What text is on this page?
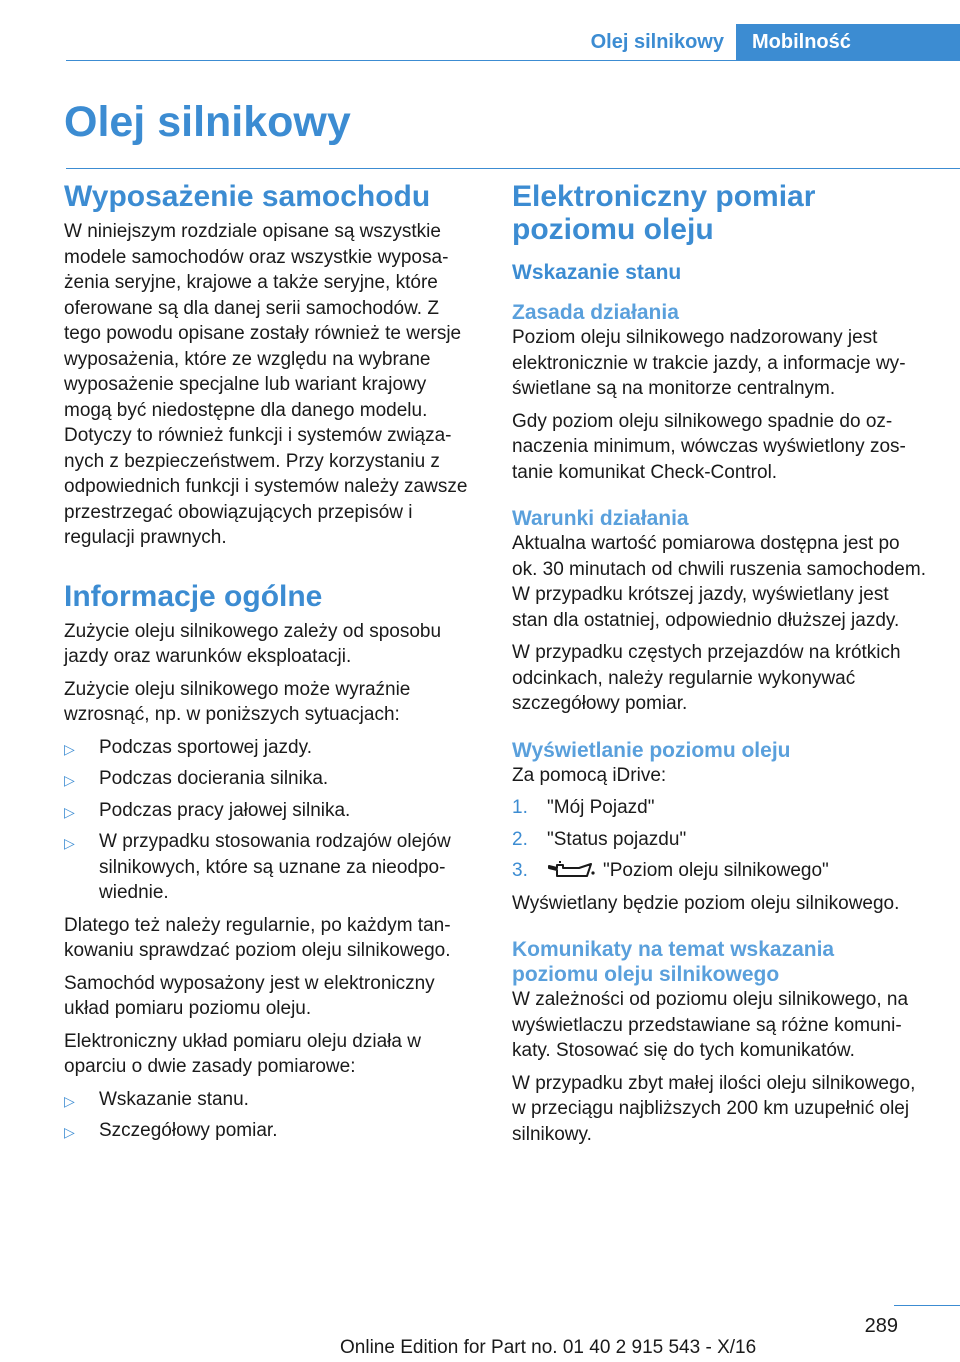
Olej silnikowy Mobilność
Olej silnikowy
Wyposażenie samochodu

W niniejszym rozdziale opisane są wszystkie modele samochodów oraz wszystkie wyposażenia seryjne, krajowe a także seryjne, które oferowane są dla danej serii samochodów. Z tego powodu opisane zostały również te wersje wyposażenia, które ze względu na wybrane wyposażenie specjalne lub wariant krajowy mogą być niedostępne dla danego modelu. Dotyczy to również funkcji i systemów związanych z bezpieczeństwem. Przy korzystaniu z odpowiednich funkcji i systemów należy zawsze przestrzegać obowiązujących przepisów i regulacji prawnych.

Informacje ogólne

Zużycie oleju silnikowego zależy od sposobu jazdy oraz warunków eksploatacji.

Zużycie oleju silnikowego może wyraźnie wzrosnąć, np. w poniższych sytuacjach:

▷ Podczas sportowej jazdy.
▷ Podczas docierania silnika.
▷ Podczas pracy jałowej silnika.
▷ W przypadku stosowania rodzajów olejów silnikowych, które są uznane za nieodpowiednie.

Dlatego też należy regularnie, po każdym tankowaniu sprawdzać poziom oleju silnikowego.

Samochód wyposażony jest w elektroniczny układ pomiaru poziomu oleju.

Elektroniczny układ pomiaru oleju działa w oparciu o dwie zasady pomiarowe:

▷ Wskazanie stanu.
▷ Szczegółowy pomiar.
Elektroniczny pomiar poziomu oleju
Wskazanie stanu
Zasada działania

Poziom oleju silnikowego nadzorowany jest elektronicznie w trakcie jazdy, a informacje wyświetlane są na monitorze centralnym.

Gdy poziom oleju silnikowego spadnie do oznaczenia minimum, wówczas wyświetlony zostanie komunikat Check-Control.

Warunki działania

Aktualna wartość pomiarowa dostępna jest po ok. 30 minutach od chwili ruszenia samochodem. W przypadku krótszej jazdy, wyświetlany jest stan dla ostatniej, odpowiednio dłuższej jazdy.

W przypadku częstych przejazdów na krótkich odcinkach, należy regularnie wykonywać szczegółowy pomiar.

Wyświetlanie poziomu oleju

Za pomocą iDrive:

1. "Mój Pojazd"
2. "Status pojazdu"
3.	"Poziom oleju silnikowego"

Wyświetlany będzie poziom oleju silnikowego.

Komunikaty na temat wskazania poziomu oleju silnikowego

W zależności od poziomu oleju silnikowego, na wyświetlaczu przedstawiane są różne komunikaty. Stosować się do tych komunikatów.

W przypadku zbyt małej ilości oleju silnikowego, w przeciągu najbliższych 200 km uzupełnić olej silnikowy.

289
Online Edition for Part no. 01 40 2 915 543 - X/16
